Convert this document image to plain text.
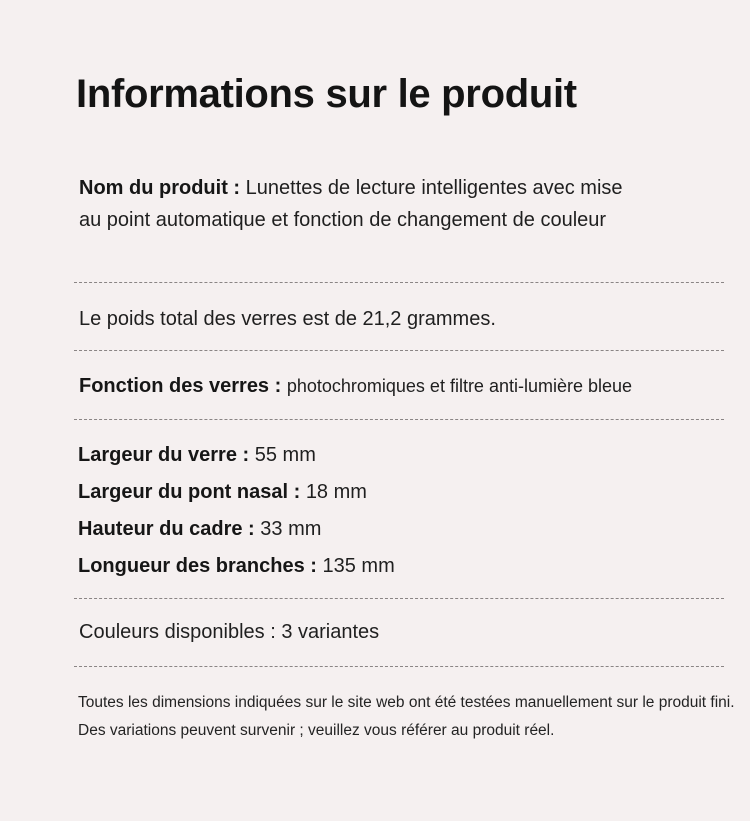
Informations sur le produit
Nom du produit : Lunettes de lecture intelligentes avec mise au point automatique et fonction de changement de couleur
Le poids total des verres est de 21,2 grammes.
Fonction des verres : photochromiques et filtre anti-lumière bleue
Largeur du verre : 55 mm
Largeur du pont nasal : 18 mm
Hauteur du cadre : 33 mm
Longueur des branches : 135 mm
Couleurs disponibles : 3 variantes

Toutes les dimensions indiquées sur le site web ont été testées manuellement sur le produit fini. Des variations peuvent survenir ; veuillez vous référer au produit réel.
